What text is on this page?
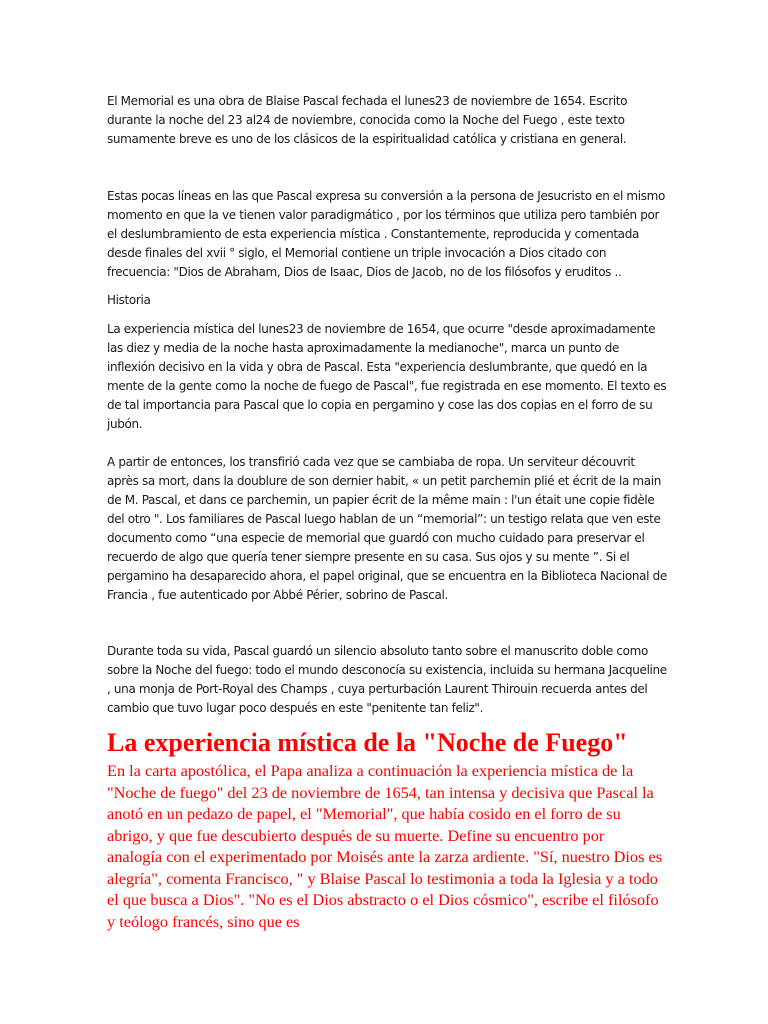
El Memorial es una obra de Blaise Pascal fechada el lunes23 de noviembre de 1654. Escrito durante la noche del 23 al24 de noviembre, conocida como la Noche del Fuego , este texto sumamente breve es uno de los clásicos de la espiritualidad católica y cristiana en general.

Estas pocas líneas en las que Pascal expresa su conversión a la persona de Jesucristo en el mismo momento en que la ve tienen valor paradigmático , por los términos que utiliza pero también por el deslumbramiento de esta experiencia mística . Constantemente, reproducida y comentada desde finales del xvii ° siglo, el Memorial contiene un triple invocación a Dios citado con frecuencia: "Dios de Abraham, Dios de Isaac, Dios de Jacob, no de los filósofos y eruditos ..

Historia

La experiencia mística del lunes23 de noviembre de 1654, que ocurre "desde aproximadamente las diez y media de la noche hasta aproximadamente la medianoche", marca un punto de inflexión decisivo en la vida y obra de Pascal. Esta "experiencia deslumbrante, que quedó en la mente de la gente como la noche de fuego de Pascal", fue registrada en ese momento. El texto es de tal importancia para Pascal que lo copia en pergamino y cose las dos copias en el forro de su jubón.

A partir de entonces, los transfirió cada vez que se cambiaba de ropa. Un serviteur découvrit après sa mort, dans la doublure de son dernier habit, « un petit parchemin plié et écrit de la main de M. Pascal, et dans ce parchemin, un papier écrit de la même main : l'un était une copie fidèle del otro ". Los familiares de Pascal luego hablan de un “memorial”: un testigo relata que ven este documento como “una especie de memorial que guardó con mucho cuidado para preservar el recuerdo de algo que quería tener siempre presente en su casa. Sus ojos y su mente ”. Si el pergamino ha desaparecido ahora, el papel original, que se encuentra en la Biblioteca Nacional de Francia , fue autenticado por Abbé Périer, sobrino de Pascal.

Durante toda su vida, Pascal guardó un silencio absoluto tanto sobre el manuscrito doble como sobre la Noche del fuego: todo el mundo desconocía su existencia, incluida su hermana Jacqueline , una monja de Port-Royal des Champs , cuya perturbación Laurent Thirouin recuerda antes del cambio que tuvo lugar poco después en este "penitente tan feliz".

La experiencia mística de la "Noche de Fuego"

En la carta apostólica, el Papa analiza a continuación la experiencia mística de la "Noche de fuego" del 23 de noviembre de 1654, tan intensa y decisiva que Pascal la anotó en un pedazo de papel, el "Memorial", que había cosido en el forro de su abrigo, y que fue descubierto después de su muerte. Define su encuentro por analogía con el experimentado por Moisés ante la zarza ardiente. "Sí, nuestro Dios es alegría", comenta Francisco, " y Blaise Pascal lo testimonia a toda la Iglesia y a todo el que busca a Dios". "No es el Dios abstracto o el Dios cósmico", escribe el filósofo y teólogo francés, sino que es
